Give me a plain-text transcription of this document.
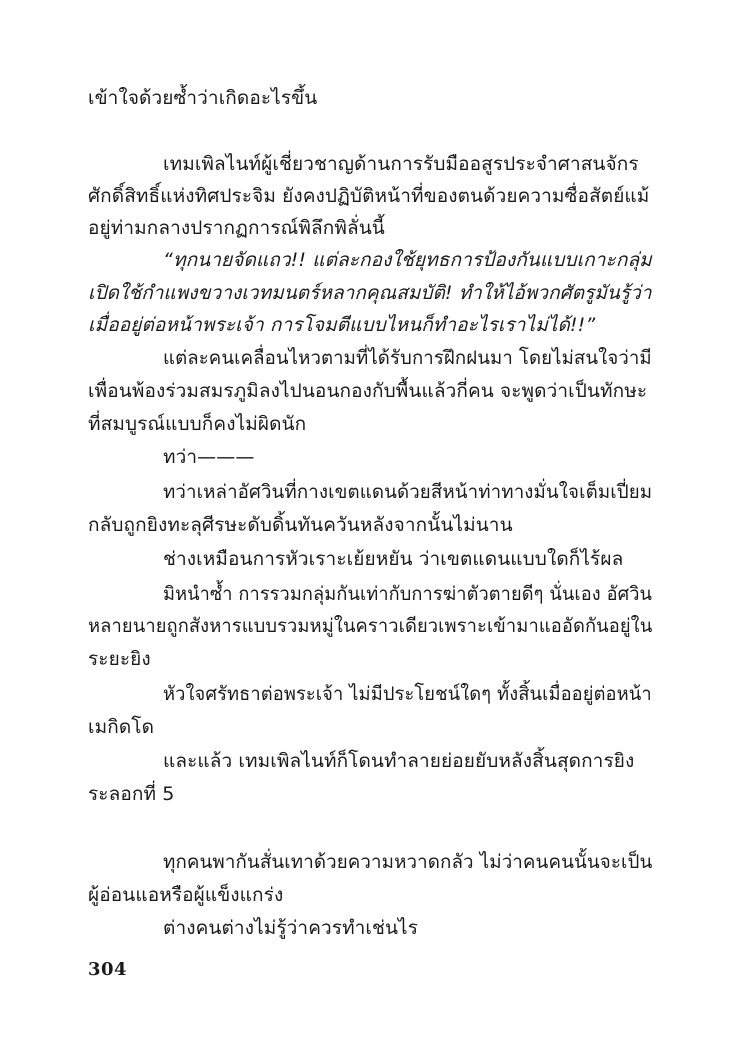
เข้าใจด้วยซ้ำว่าเกิดอะไรขึ้น
เทมเพิลไนท์ผู้เชี่ยวชาญด้านการรับมืออสูรประจำศาสนจักร
ศักดิ์สิทธิ์แห่งทิศประจิม ยังคงปฏิบัติหน้าที่ของตนด้วยความซื่อสัตย์แม้
อยู่ท่ามกลางปรากฏการณ์พิลึกพิลั่นนี้
“ทุกนายจัดแถว!! แต่ละกองใช้ยุทธการป้องกันแบบเกาะกลุ่ม
เปิดใช้กำแพงขวางเวทมนตร์หลากคุณสมบัติ! ทำให้ไอ้พวกศัตรูมันรู้ว่า
เมื่ออยู่ต่อหน้าพระเจ้า การโจมตีแบบไหนก็ทำอะไรเราไม่ได้!!”
แต่ละคนเคลื่อนไหวตามที่ได้รับการฝึกฝนมา โดยไม่สนใจว่ามี
เพื่อนพ้องร่วมสมรภูมิลงไปนอนกองกับพื้นแล้วกี่คน จะพูดว่าเป็นทักษะ
ที่สมบูรณ์แบบก็คงไม่ผิดนัก
ทว่า———
ทว่าเหล่าอัศวินที่กางเขตแดนด้วยสีหน้าท่าทางมั่นใจเต็มเปี่ยม
กลับถูกยิงทะลุศีรษะดับดิ้นทันควันหลังจากนั้นไม่นาน
ช่างเหมือนการหัวเราะเย้ยหยัน ว่าเขตแดนแบบใดก็ไร้ผล
มิหนำซ้ำ การรวมกลุ่มกันเท่ากับการฆ่าตัวตายดีๆ นั่นเอง อัศวิน
หลายนายถูกสังหารแบบรวมหมู่ในคราวเดียวเพราะเข้ามาแออัดกันอยู่ใน
ระยะยิง
หัวใจศรัทธาต่อพระเจ้า ไม่มีประโยชน์ใดๆ ทั้งสิ้นเมื่ออยู่ต่อหน้า
เมกิดโด
และแล้ว เทมเพิลไนท์ก็โดนทำลายย่อยยับหลังสิ้นสุดการยิง
ระลอกที่ 5
ทุกคนพากันสั่นเทาด้วยความหวาดกลัว ไม่ว่าคนคนนั้นจะเป็น
ผู้อ่อนแอหรือผู้แข็งแกร่ง
ต่างคนต่างไม่รู้ว่าควรทำเช่นไร
304
